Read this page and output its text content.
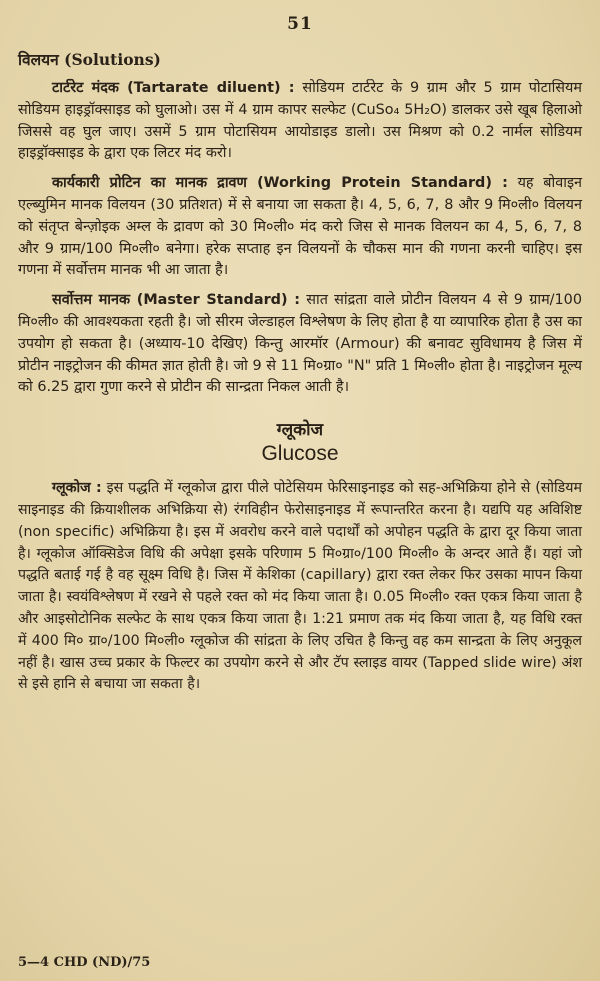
51
विलयन (Solutions)

टार्टरेट मंदक (Tartarate diluent) : सोडियम टार्टरेट के 9 ग्राम और 5 ग्राम पोटासियम सोडियम हाइड्रॉक्साइड को घुलाओ। उस में 4 ग्राम कापर सल्फेट (CuSo₄ 5H₂O) डालकर उसे खूब हिलाओ जिससे वह घुल जाए। उसमें 5 ग्राम पोटासियम आयोडाइड डालो। उस मिश्रण को 0.2 नार्मल सोडियम हाइड्रॉक्साइड के द्वारा एक लिटर मंद करो।

कार्यकारी प्रोटिन का मानक द्रावण (Working Protein Standard) : यह बोवाइन एल्ब्युमिन मानक विलयन (30 प्रतिशत) में से बनाया जा सकता है। 4, 5, 6, 7, 8 और 9 मि०ली० विलयन को संतृप्त बेन्ज़ोइक अम्ल के द्रावण को 30 मि०ली० मंद करो जिस से मानक विलयन का 4, 5, 6, 7, 8 और 9 ग्राम/100 मि०ली० बनेगा। हरेक सप्ताह इन विलयनों के चौकस मान की गणना करनी चाहिए। इस गणना में सर्वोत्तम मानक भी आ जाता है।

सर्वोत्तम मानक (Master Standard) : सात सांद्रता वाले प्रोटीन विलयन 4 से 9 ग्राम/100 मि०ली० की आवश्यकता रहती है। जो सीरम जेल्डाहल विश्लेषण के लिए होता है या व्यापारिक होता है उस का उपयोग हो सकता है। (अध्याय-10 देखिए) किन्तु आरमॉर (Armour) की बनावट सुविधामय है जिस में प्रोटीन नाइट्रोजन की कीमत ज्ञात होती है। जो 9 से 11 मि०ग्रा० "N" प्रति 1 मि०ली० होता है। नाइट्रोजन मूल्य को 6.25 द्वारा गुणा करने से प्रोटीन की सान्द्रता निकल आती है।

ग्लूकोज
Glucose

ग्लूकोज : इस पद्धति में ग्लूकोज द्वारा पीले पोटेसियम फेरिसाइनाइड को सह-अभिक्रिया होने से (सोडियम साइनाइड की क्रियाशीलक अभिक्रिया से) रंगविहीन फेरोसाइनाइड में रूपान्तरित करना है। यद्यपि यह अविशिष्ट (non specific) अभिक्रिया है। इस में अवरोध करने वाले पदार्थों को अपोहन पद्धति के द्वारा दूर किया जाता है। ग्लूकोज ऑक्सिडेज विधि की अपेक्षा इसके परिणाम 5 मि०ग्रा०/100 मि०ली० के अन्दर आते हैं। यहां जो पद्धति बताई गई है वह सूक्ष्म विधि है। जिस में केशिका (capillary) द्वारा रक्त लेकर फिर उसका मापन किया जाता है। स्वयंविश्लेषण में रखने से पहले रक्त को मंद किया जाता है। 0.05 मि०ली० रक्त एकत्र किया जाता है और आइसोटोनिक सल्फेट के साथ एकत्र किया जाता है। 1:21 प्रमाण तक मंद किया जाता है, यह विधि रक्त में 400 मि० ग्रा०/100 मि०ली० ग्लूकोज की सांद्रता के लिए उचित है किन्तु वह कम सान्द्रता के लिए अनुकूल नहीं है। खास उच्च प्रकार के फिल्टर का उपयोग करने से और टॅप स्लाइड वायर (Tapped slide wire) अंश से इसे हानि से बचाया जा सकता है।

5—4 CHD (ND)/75
